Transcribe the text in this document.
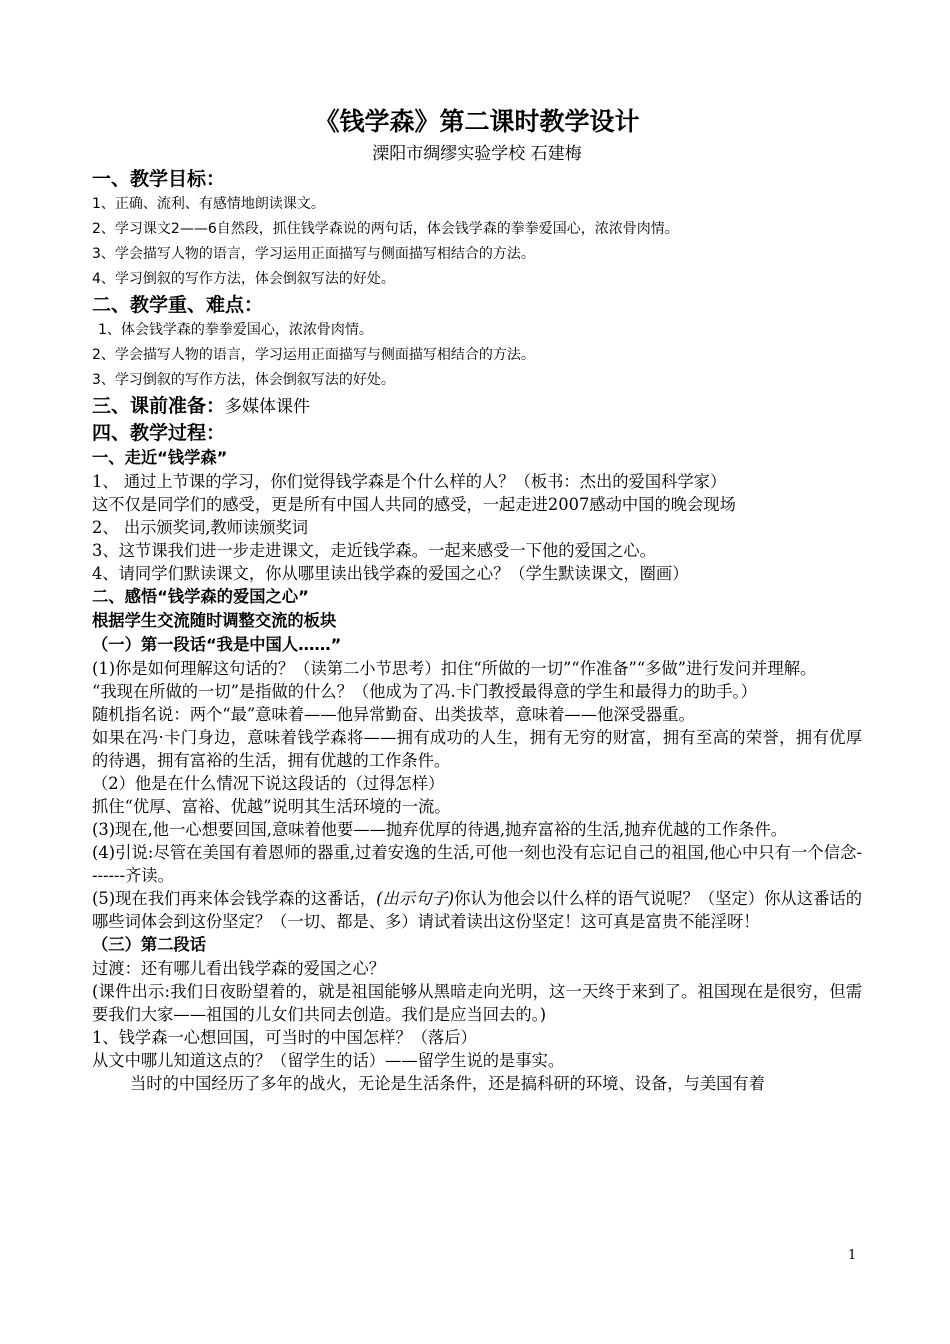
《钱学森》第二课时教学设计

溧阳市绸缪实验学校 石建梅

一、教学目标：

1、正确、流利、有感情地朗读课文。

2、学习课文2——6自然段，抓住钱学森说的两句话，体会钱学森的拳拳爱国心，浓浓骨肉情。

3、学会描写人物的语言，学习运用正面描写与侧面描写相结合的方法。

4、学习倒叙的写作方法，体会倒叙写法的好处。

二、教学重、难点：

1、体会钱学森的拳拳爱国心，浓浓骨肉情。

2、学会描写人物的语言，学习运用正面描写与侧面描写相结合的方法。

3、学习倒叙的写作方法，体会倒叙写法的好处。

三、课前准备：多媒体课件

四、教学过程：

一、走近“钱学森”

1、 通过上节课的学习，你们觉得钱学森是个什么样的人？（板书：杰出的爱国科学家）

这不仅是同学们的感受，更是所有中国人共同的感受，一起走进2007感动中国的晚会现场

2、 出示颁奖词,教师读颁奖词

3、这节课我们进一步走进课文，走近钱学森。一起来感受一下他的爱国之心。

4、请同学们默读课文，你从哪里读出钱学森的爱国之心？（学生默读课文，圈画）

二、感悟“钱学森的爱国之心”

根据学生交流随时调整交流的板块

（一）第一段话“我是中国人……”

(1)你是如何理解这句话的？（读第二小节思考）扣住“所做的一切”“作准备”“多做”进行发问并理解。

“我现在所做的一切”是指做的什么？（他成为了冯.卡门教授最得意的学生和最得力的助手。）

随机指名说：两个“最”意味着——他异常勤奋、出类拔萃，意味着——他深受器重。

如果在冯·卡门身边，意味着钱学森将——拥有成功的人生，拥有无穷的财富，拥有至高的荣誉，拥有优厚的待遇，拥有富裕的生活，拥有优越的工作条件。

（2）他是在什么情况下说这段话的（过得怎样）

抓住“优厚、富裕、优越”说明其生活环境的一流。

(3)现在,他一心想要回国,意味着他要——抛弃优厚的待遇,抛弃富裕的生活,抛弃优越的工作条件。

(4)引说:尽管在美国有着恩师的器重,过着安逸的生活,可他一刻也没有忘记自己的祖国,他心中只有一个信念-------齐读。

(5)现在我们再来体会钱学森的这番话，(出示句子)你认为他会以什么样的语气说呢？（坚定）你从这番话的哪些词体会到这份坚定？（一切、都是、多）请试着读出这份坚定！这可真是富贵不能淫呀！

（三）第二段话

过渡：还有哪儿看出钱学森的爱国之心？

(课件出示:我们日夜盼望着的，就是祖国能够从黑暗走向光明，这一天终于来到了。祖国现在是很穷，但需要我们大家——祖国的儿女们共同去创造。我们是应当回去的。)

1、钱学森一心想回国，可当时的中国怎样？（落后）

从文中哪儿知道这点的？（留学生的话）——留学生说的是事实。

当时的中国经历了多年的战火，无论是生活条件，还是搞科研的环境、设备，与美国有着

1
